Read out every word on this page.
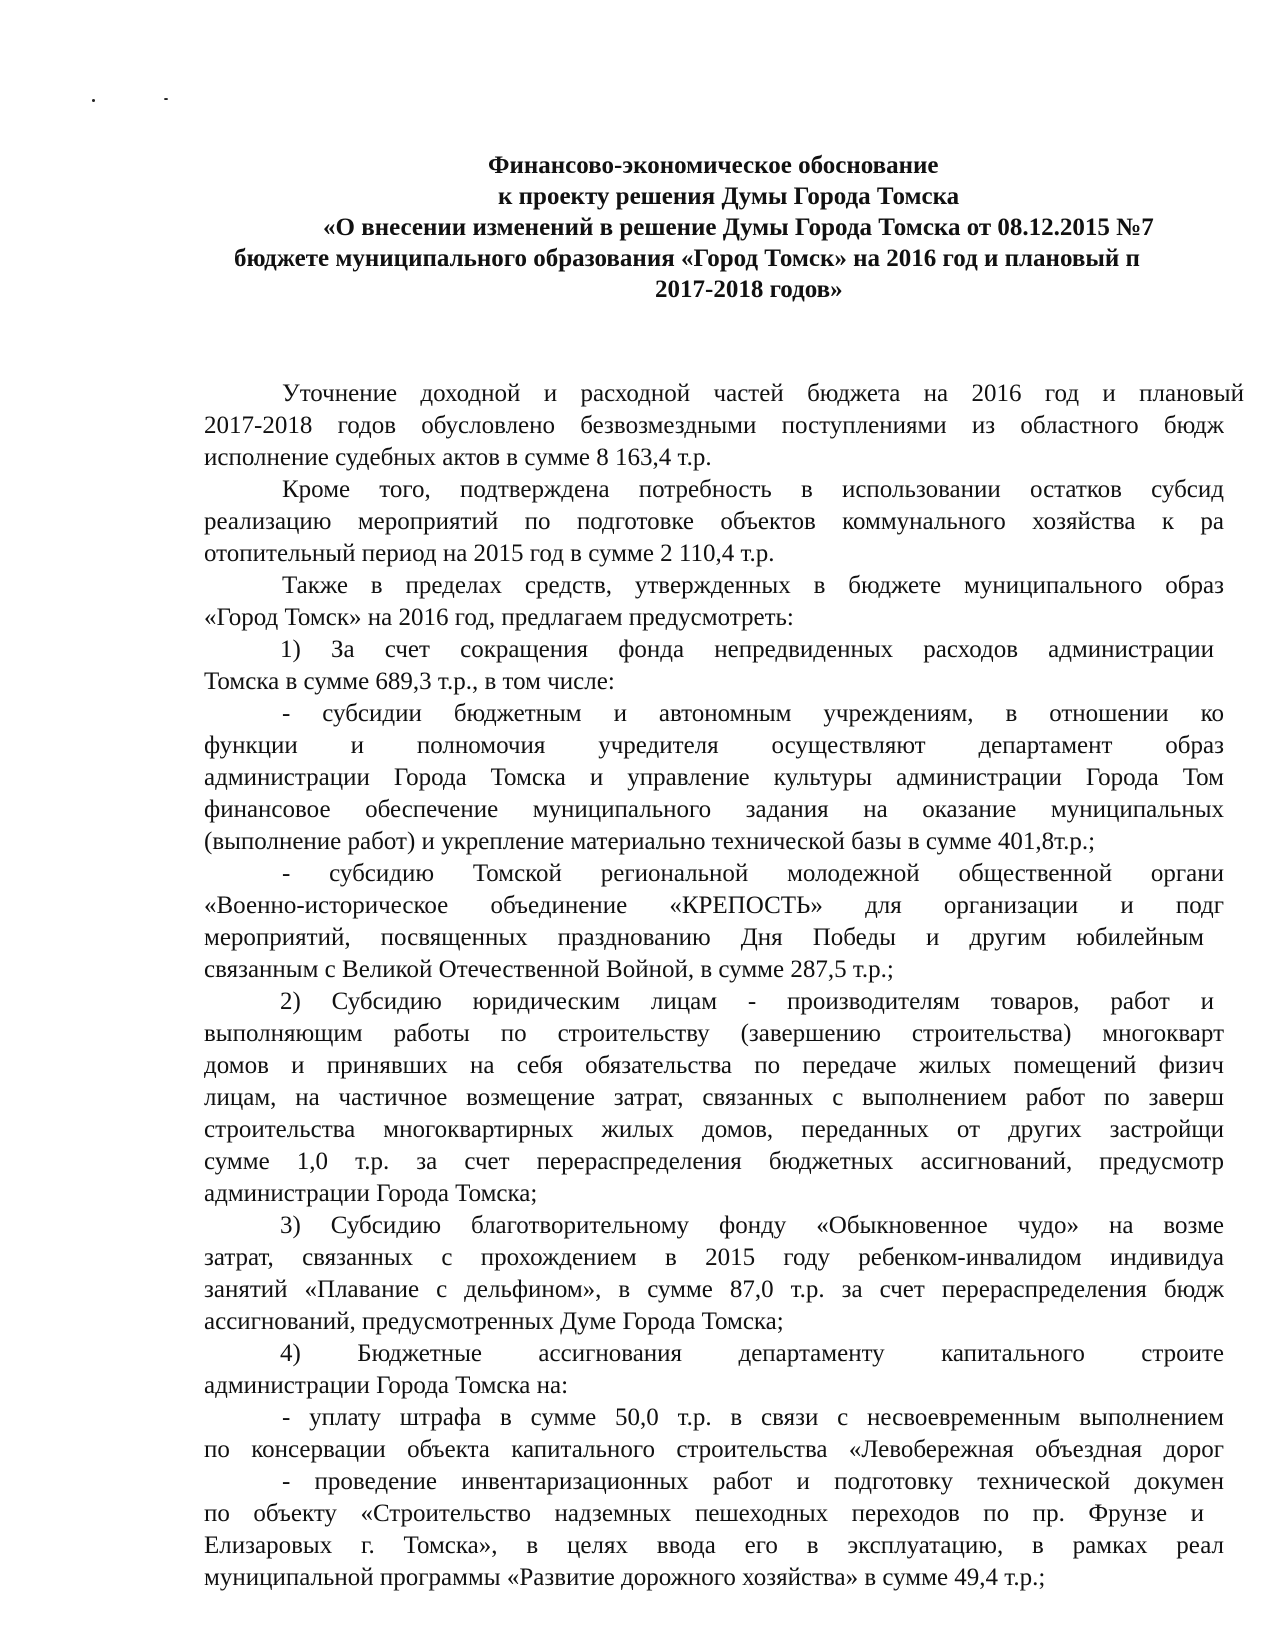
Финансово-экономическое обоснование
к проекту решения Думы Города Томска
«О внесении изменений в решение Думы Города Томска от 08.12.2015 №7
бюджете муниципального образования «Город Томск» на 2016 год и плановый п
2017-2018 годов»
Уточнение доходной и расходной частей бюджета на 2016 год и плановый
2017-2018 годов обусловлено безвозмездными поступлениями из областного бюдж
исполнение судебных актов в сумме 8 163,4 т.р.
Кроме того, подтверждена потребность в использовании остатков субсид
реализацию мероприятий по подготовке объектов коммунального хозяйства к ра
отопительный период на 2015 год в сумме 2 110,4 т.р.
Также в пределах средств, утвержденных в бюджете муниципального образ
«Город Томск» на 2016 год, предлагаем предусмотреть:
1) За счет сокращения фонда непредвиденных расходов администрации
Томска в сумме 689,3 т.р., в том числе:
- субсидии бюджетным и автономным учреждениям, в отношении ко
функции и полномочия учредителя осуществляют департамент образ
администрации Города Томска и управление культуры администрации Города Том
финансовое обеспечение муниципального задания на оказание муниципальных
(выполнение работ) и укрепление материально технической базы в сумме 401,8т.р.;
- субсидию Томской региональной молодежной общественной органи
«Военно-историческое объединение «КРЕПОСТЬ» для организации и подг
мероприятий, посвященных празднованию Дня Победы и другим юбилейным
связанным с Великой Отечественной Войной, в сумме 287,5 т.р.;
2) Субсидию юридическим лицам - производителям товаров, работ и
выполняющим работы по строительству (завершению строительства) многокварт
домов и принявших на себя обязательства по передаче жилых помещений физич
лицам, на частичное возмещение затрат, связанных с выполнением работ по заверш
строительства многоквартирных жилых домов, переданных от других застройщи
сумме 1,0 т.р. за счет перераспределения бюджетных ассигнований, предусмотр
администрации Города Томска;
3) Субсидию благотворительному фонду «Обыкновенное чудо» на возме
затрат, связанных с прохождением в 2015 году ребенком-инвалидом индивидуа
занятий «Плавание с дельфином», в сумме 87,0 т.р. за счет перераспределения бюдж
ассигнований, предусмотренных Думе Города Томска;
4) Бюджетные ассигнования департаменту капитального строите
администрации Города Томска на:
- уплату штрафа в сумме 50,0 т.р. в связи с несвоевременным выполнением
по консервации объекта капитального строительства «Левобережная объездная дорог
- проведение инвентаризационных работ и подготовку технической докумен
по объекту «Строительство надземных пешеходных переходов по пр. Фрунзе и
Елизаровых г. Томска», в целях ввода его в эксплуатацию, в рамках реал
муниципальной программы «Развитие дорожного хозяйства» в сумме 49,4 т.р.;
